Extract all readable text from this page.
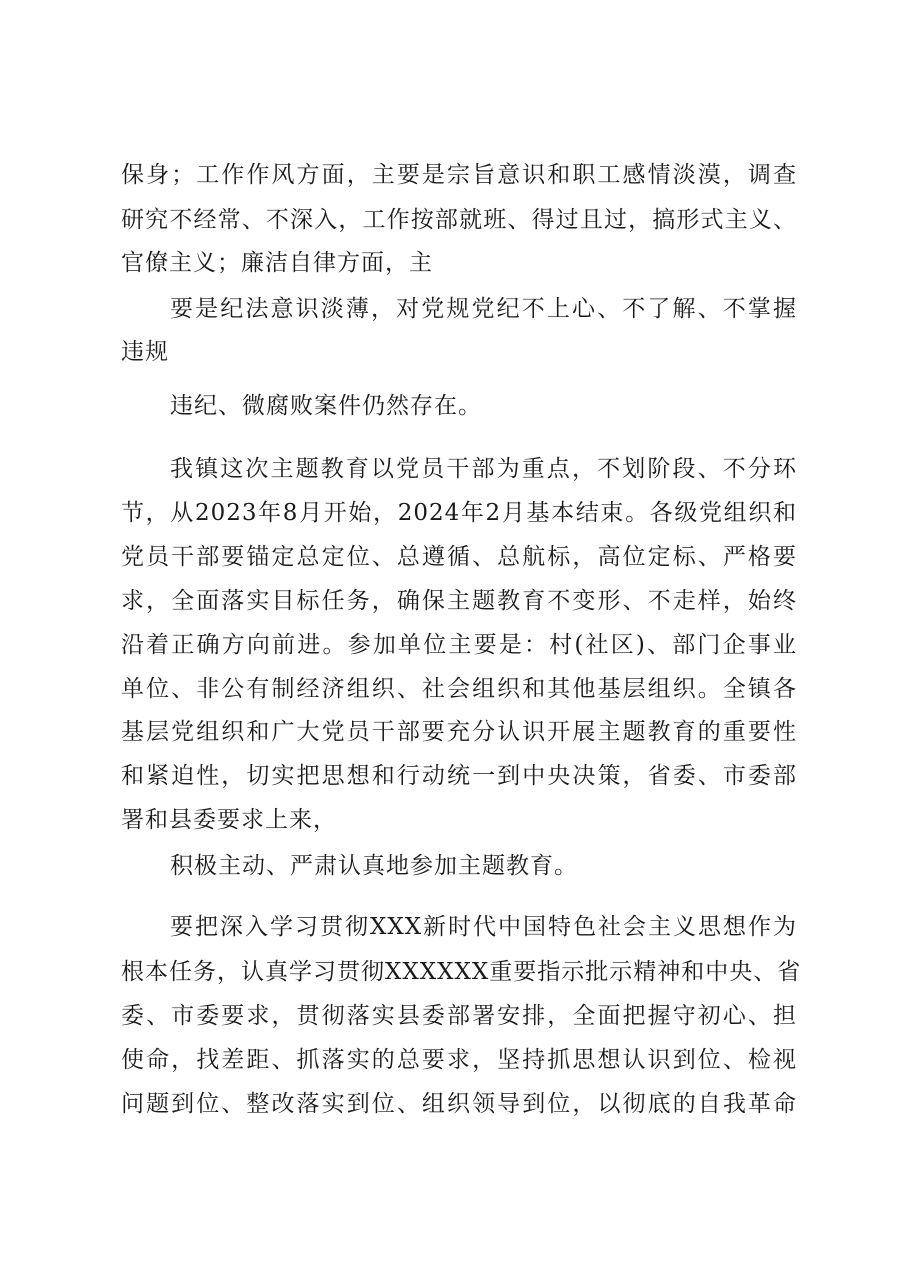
保身；工作作风方面，主要是宗旨意识和职工感情淡漠，调查
研究不经常、不深入，工作按部就班、得过且过，搞形式主义、
官僚主义；廉洁自律方面，主
要是纪法意识淡薄，对党规党纪不上心、不了解、不掌握
违规
违纪、微腐败案件仍然存在。
我镇这次主题教育以党员干部为重点，不划阶段、不分环
节，从2023年8月开始，2024年2月基本结束。各级党组织和
党员干部要锚定总定位、总遵循、总航标，高位定标、严格要
求，全面落实目标任务，确保主题教育不变形、不走样，始终
沿着正确方向前进。参加单位主要是：村(社区)、部门企事业
单位、非公有制经济组织、社会组织和其他基层组织。全镇各
基层党组织和广大党员干部要充分认识开展主题教育的重要性
和紧迫性，切实把思想和行动统一到中央决策，省委、市委部
署和县委要求上来，
积极主动、严肃认真地参加主题教育。
要把深入学习贯彻XXX新时代中国特色社会主义思想作为
根本任务，认真学习贯彻XXXXXX重要指示批示精神和中央、省
委、市委要求，贯彻落实县委部署安排，全面把握守初心、担
使命，找差距、抓落实的总要求，坚持抓思想认识到位、检视
问题到位、整改落实到位、组织领导到位，以彻底的自我革命
